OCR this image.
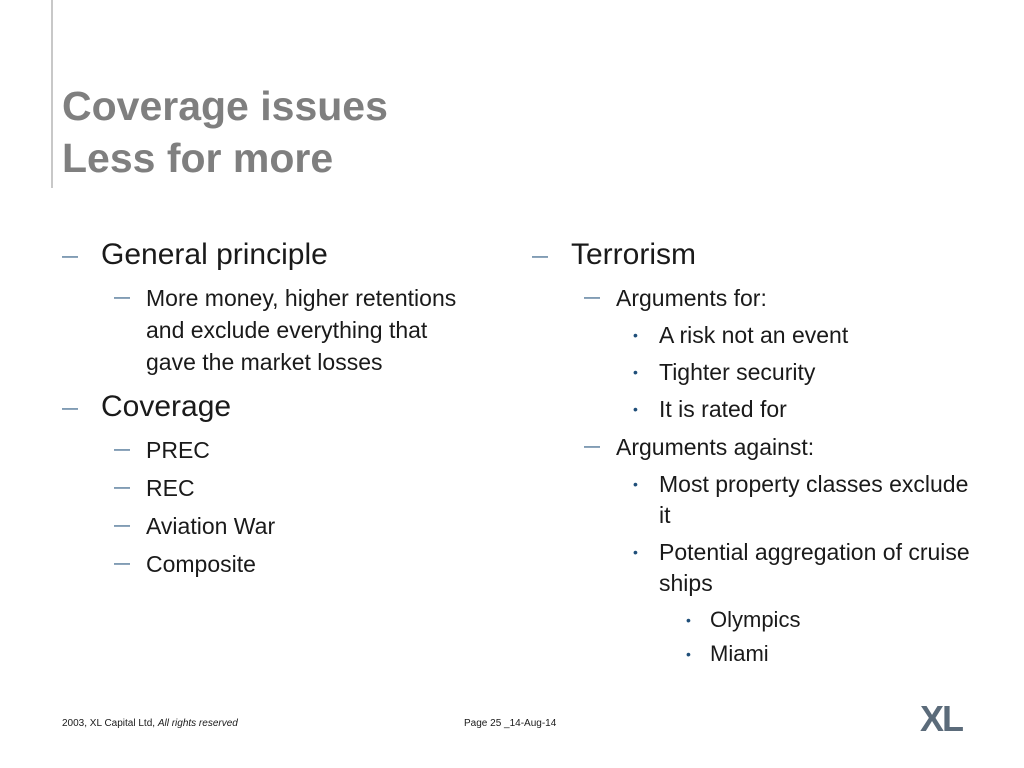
Coverage issues
Less for more
— General principle
— More money, higher retentions and exclude everything that gave the market losses
— Coverage
— PREC
— REC
— Aviation War
— Composite
— Terrorism
— Arguments for:
• A risk not an event
• Tighter security
• It is rated for
— Arguments against:
• Most property classes exclude it
• Potential aggregation of cruise ships
• Olympics
• Miami
2003, XL Capital Ltd, All rights reserved	Page 25 _14-Aug-14	XL
